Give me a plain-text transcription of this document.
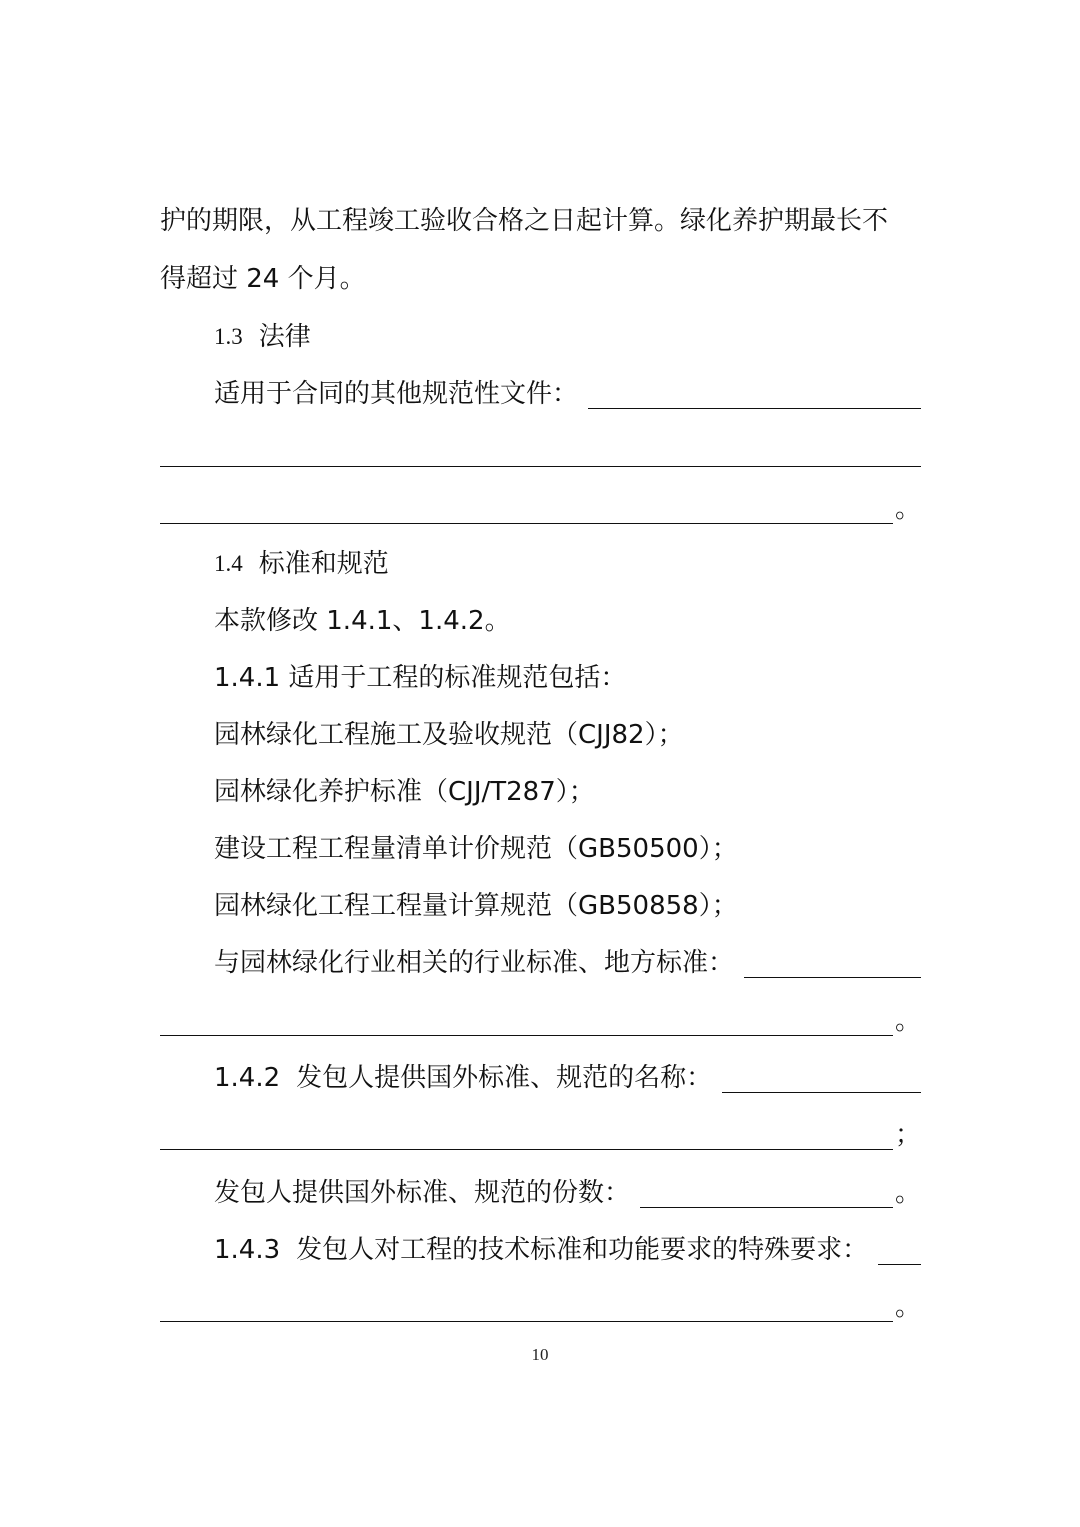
护的期限，从工程竣工验收合格之日起计算。绿化养护期最长不
得超过 24 个月。
1.3 法律
适用于合同的其他规范性文件：
。
1.4 标准和规范
本款修改 1.4.1、1.4.2。
1.4.1 适用于工程的标准规范包括：
园林绿化工程施工及验收规范（CJJ82）；
园林绿化养护标准（CJJ/T287）；
建设工程工程量清单计价规范（GB50500）；
园林绿化工程工程量计算规范（GB50858）；
与园林绿化行业相关的行业标准、地方标准：
。
1.4.2 发包人提供国外标准、规范的名称：
；
发包人提供国外标准、规范的份数：	。
1.4.3 发包人对工程的技术标准和功能要求的特殊要求：
。
10
